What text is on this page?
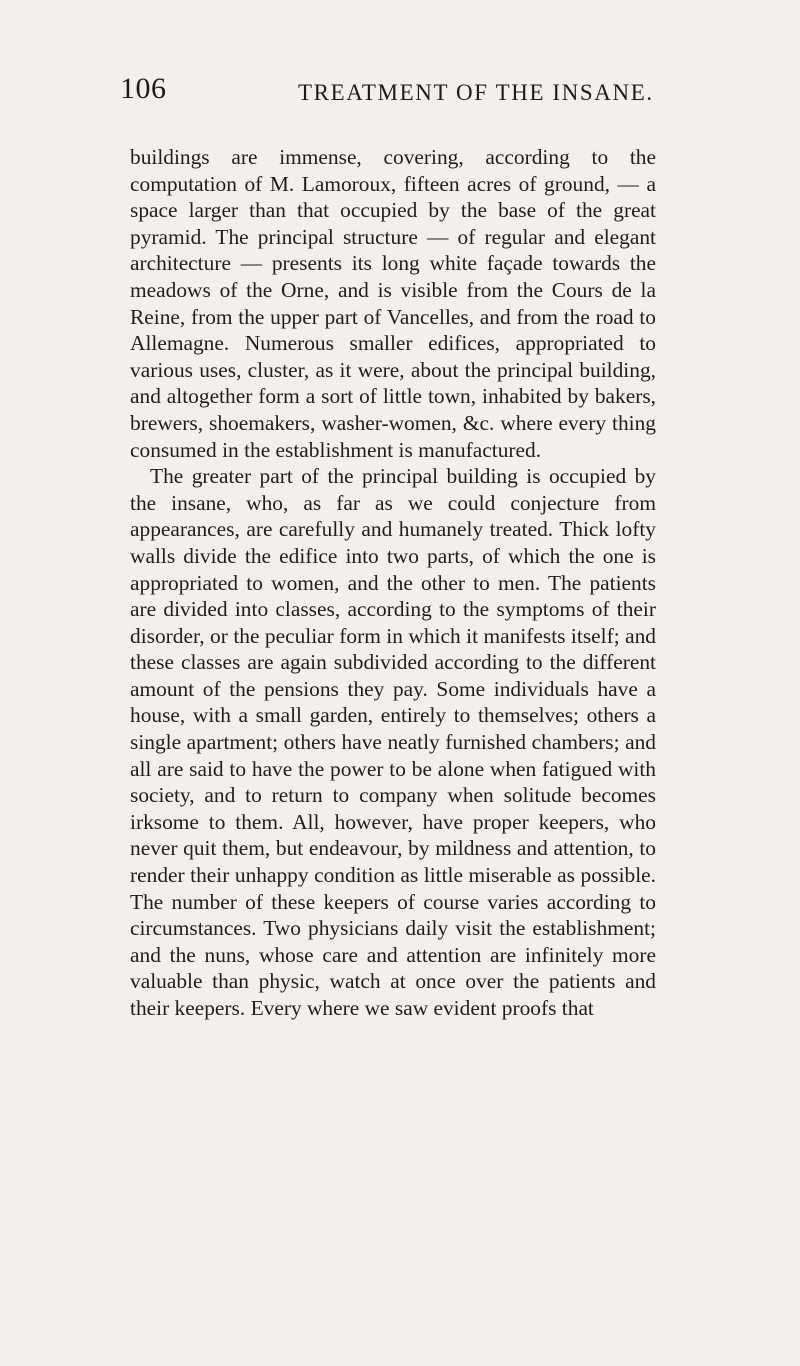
106	TREATMENT OF THE INSANE.

buildings are immense, covering, according to the computation of M. Lamoroux, fifteen acres of ground, — a space larger than that occupied by the base of the great pyramid. The principal structure — of regular and elegant architecture — presents its long white façade towards the meadows of the Orne, and is visible from the Cours de la Reine, from the upper part of Vancelles, and from the road to Allemagne. Numerous smaller edifices, appropriated to various uses, cluster, as it were, about the principal building, and altogether form a sort of little town, inhabited by bakers, brewers, shoemakers, washer-women, &c. where every thing consumed in the establishment is manufactured.

The greater part of the principal building is occupied by the insane, who, as far as we could conjecture from appearances, are carefully and humanely treated. Thick lofty walls divide the edifice into two parts, of which the one is appropriated to women, and the other to men. The patients are divided into classes, according to the symptoms of their disorder, or the peculiar form in which it manifests itself; and these classes are again subdivided according to the different amount of the pensions they pay. Some individuals have a house, with a small garden, entirely to themselves; others a single apartment; others have neatly furnished chambers; and all are said to have the power to be alone when fatigued with society, and to return to company when solitude becomes irksome to them. All, however, have proper keepers, who never quit them, but endeavour, by mildness and attention, to render their unhappy condition as little miserable as possible. The number of these keepers of course varies according to circumstances. Two physicians daily visit the establishment; and the nuns, whose care and attention are infinitely more valuable than physic, watch at once over the patients and their keepers. Every where we saw evident proofs that
